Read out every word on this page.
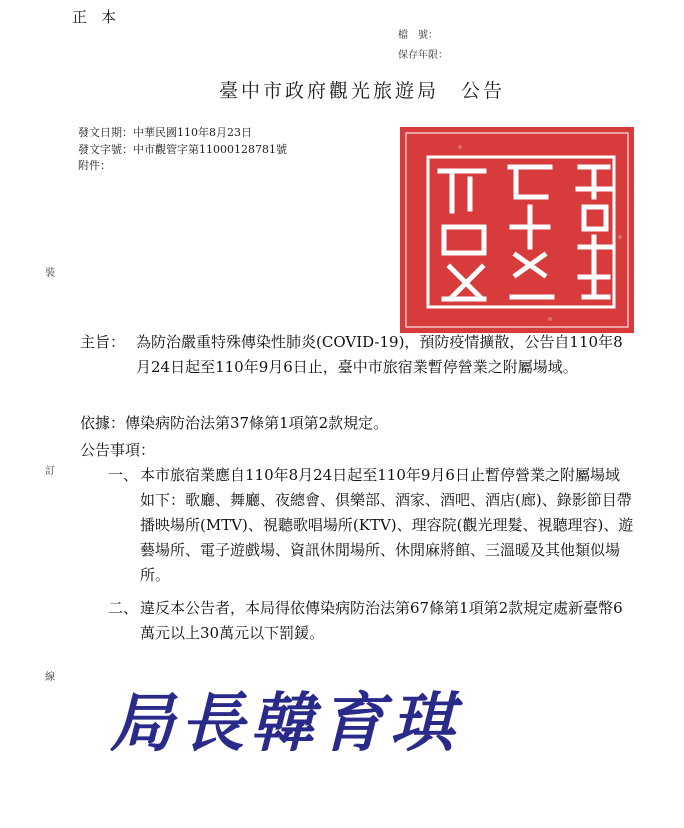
正本
檔　號：
保存年限：
臺中市政府觀光旅遊局　公告
發文日期：中華民國110年8月23日
發文字號：中市觀管字第11000128781號
附件：
裝
訂
線
主旨： 為防治嚴重特殊傳染性肺炎(COVID-19)，預防疫情擴散，公告自110年8月24日起至110年9月6日止，臺中市旅宿業暫停營業之附屬場域。
依據：傳染病防治法第37條第1項第2款規定。
公告事項：
一、 本市旅宿業應自110年8月24日起至110年9月6日止暫停營業之附屬場域如下：歌廳、舞廳、夜總會、俱樂部、酒家、酒吧、酒店(廊)、錄影節目帶播映場所(MTV)、視聽歌唱場所(KTV)、理容院(觀光理髮、視聽理容)、遊藝場所、電子遊戲場、資訊休閒場所、休閒麻將館、三溫暖及其他類似場所。
二、 違反本公告者，本局得依傳染病防治法第67條第1項第2款規定處新臺幣6萬元以上30萬元以下罰鍰。
局長韓育琪
